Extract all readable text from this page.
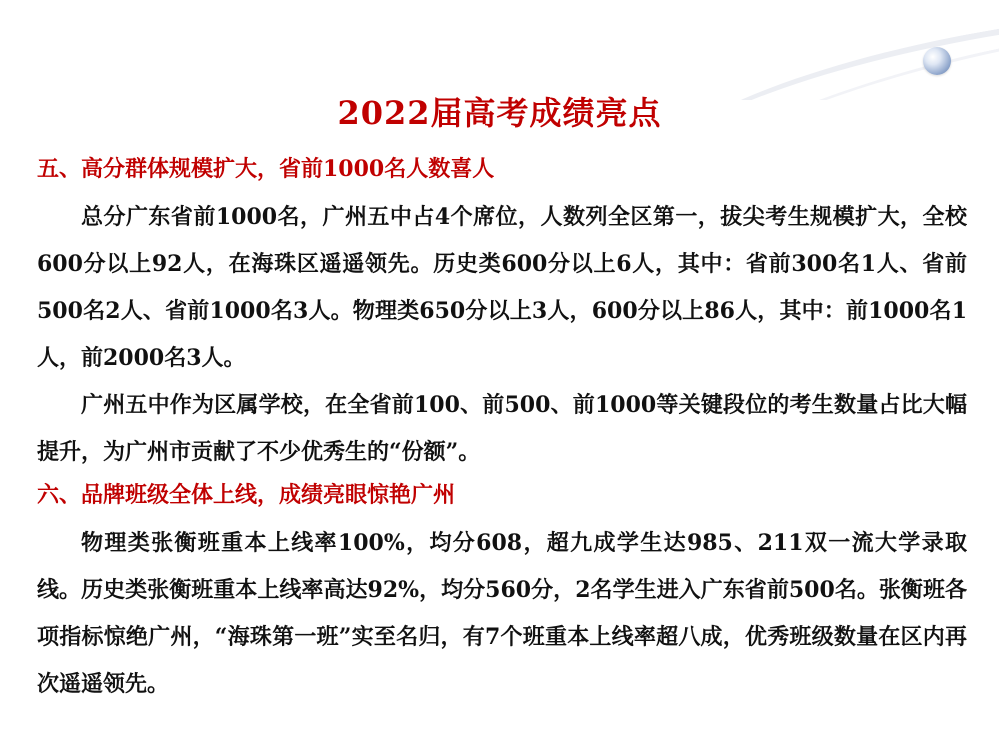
2022届高考成绩亮点

五、高分群体规模扩大，省前1000名人数喜人

总分广东省前1000名，广州五中占4个席位，人数列全区第一，拔尖考生规模扩大，全校600分以上92人，在海珠区遥遥领先。历史类600分以上6人，其中：省前300名1人、省前500名2人、省前1000名3人。物理类650分以上3人，600分以上86人，其中：前1000名1人，前2000名3人。

广州五中作为区属学校，在全省前100、前500、前1000等关键段位的考生数量占比大幅提升，为广州市贡献了不少优秀生的“份额”。

六、品牌班级全体上线，成绩亮眼惊艳广州

物理类张衡班重本上线率100%，均分608，超九成学生达985、211双一流大学录取线。历史类张衡班重本上线率高达92%，均分560分，2名学生进入广东省前500名。张衡班各项指标惊绝广州，“海珠第一班”实至名归，有7个班重本上线率超八成，优秀班级数量在区内再次遥遥领先。
